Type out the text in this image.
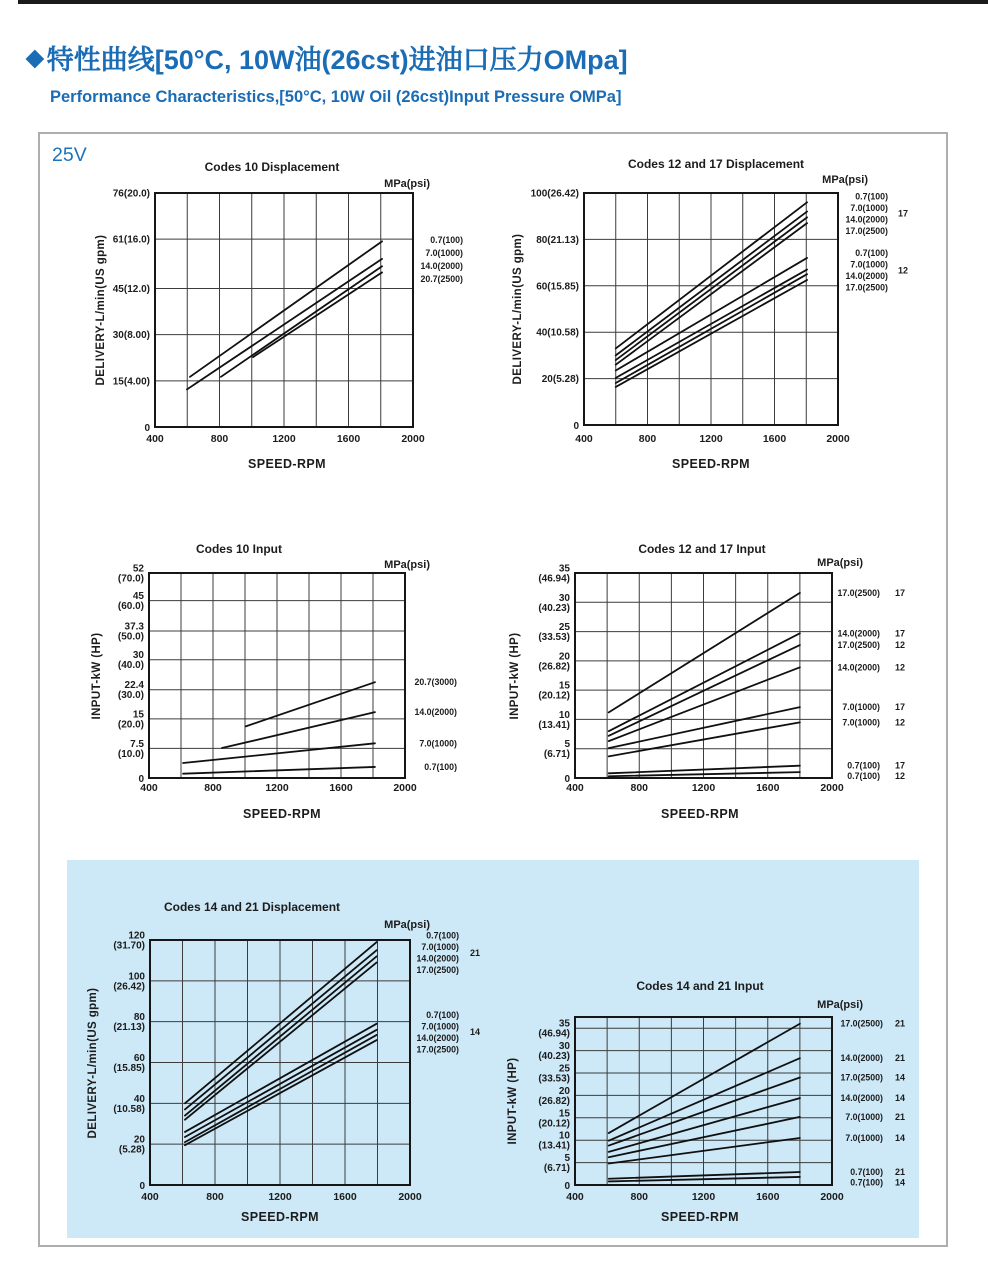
◆ 特性曲线[50°C, 10W油(26cst)进油口压力OMpa]
Performance Characteristics,[50°C, 10W Oil (26cst)Input Pressure OMPa]
25V
76(20.0)
61(16.0)
45(12.0)
30(8.00)
15(4.00)
0
400	800	1200	1600	2000
Codes 10 Displacement
MPa(psi)
DELIVERY-L/min(US gpm)
SPEED-RPM
0.7(100)
7.0(1000)
14.0(2000)
20.7(2500)
100(26.42)
80(21.13)
60(15.85)
40(10.58)
20(5.28)
0
400	800	1200	1600	2000
Codes 12 and 17 Displacement
MPa(psi)
DELIVERY-L/min(US gpm)
SPEED-RPM
0.7(100)
7.0(1000)
14.0(2000)
17.0(2500)
17
0.7(100)
7.0(1000)
14.0(2000)
17.0(2500)
12
52
(70.0)
45
(60.0)
37.3
(50.0)
30
(40.0)
22.4
(30.0)
15
(20.0)
7.5
(10.0)
0
400	800	1200	1600	2000
Codes 10 Input
MPa(psi)
INPUT-kW (HP)
SPEED-RPM
20.7(3000)
14.0(2000)
7.0(1000)
0.7(100)
35
(46.94)
30
(40.23)
25
(33.53)
20
(26.82)
15
(20.12)
10
(13.41)
5
(6.71)
0
400	800	1200	1600	2000
Codes 12 and 17 Input
MPa(psi)
INPUT-kW (HP)
SPEED-RPM
17.0(2500) 17
14.0(2000) 17
17.0(2500) 12
14.0(2000) 12
7.0(1000) 17
7.0(1000) 12
0.7(100) 17
0.7(100) 12
120
(31.70)
100
(26.42)
80
(21.13)
60
(15.85)
40
(10.58)
20
(5.28)
0
400	800	1200	1600	2000
Codes 14 and 21 Displacement
MPa(psi)
DELIVERY-L/min(US gpm)
SPEED-RPM
0.7(100)
7.0(1000)
14.0(2000)
17.0(2500)
21
0.7(100)
7.0(1000)
14.0(2000)
17.0(2500)
14
35
(46.94)
30
(40.23)
25
(33.53)
20
(26.82)
15
(20.12)
10
(13.41)
5
(6.71)
0
400	800	1200	1600	2000
Codes 14 and 21 Input
MPa(psi)
INPUT-kW (HP)
SPEED-RPM
17.0(2500) 21
14.0(2000) 21
17.0(2500) 14
14.0(2000) 14
7.0(1000) 21
7.0(1000) 14
0.7(100) 21
0.7(100) 14
